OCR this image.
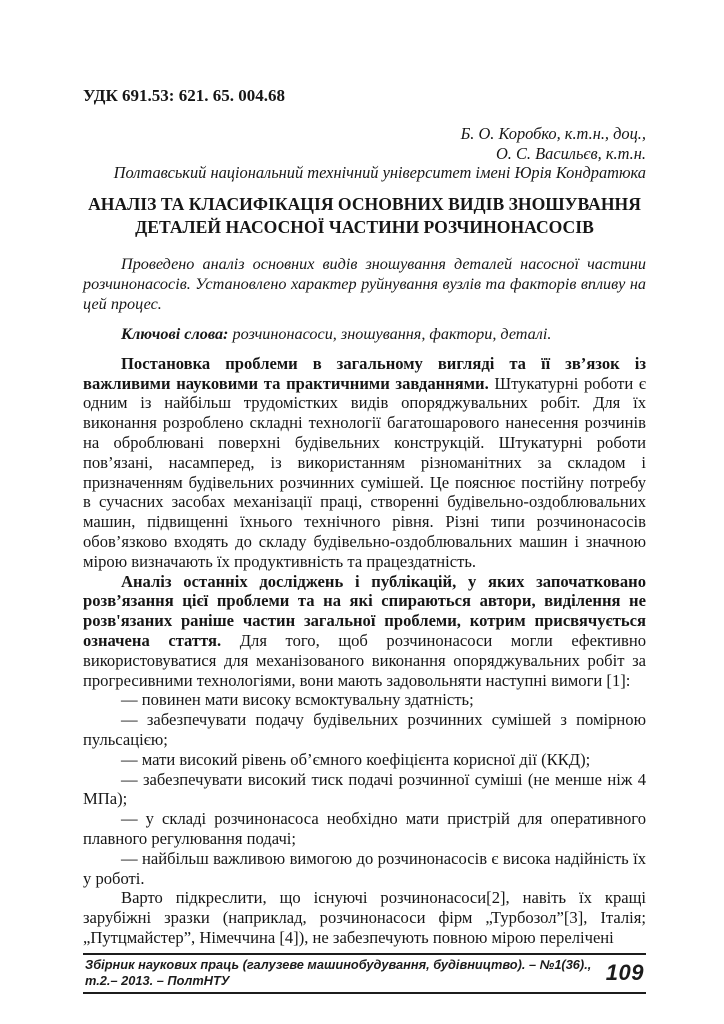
УДК 691.53: 621. 65. 004.68
Б. О. Коробко, к.т.н., доц.,
О. С. Васильєв, к.т.н.
Полтавський національний технічний університет імені Юрія Кондратюка
АНАЛІЗ ТА КЛАСИФІКАЦІЯ ОСНОВНИХ ВИДІВ ЗНОШУВАННЯ
ДЕТАЛЕЙ НАСОСНОЇ ЧАСТИНИ РОЗЧИНОНАСОСІВ

Проведено аналіз основних видів зношування деталей насосної частини розчинонасосів. Установлено характер руйнування вузлів та факторів впливу на цей процес.

Ключові слова: розчинонасоси, зношування, фактори, деталі.

Постановка проблеми в загальному вигляді та її зв’язок із важливими науковими та практичними завданнями. Штукатурні роботи є одним із найбільш трудомістких видів опоряджувальних робіт. Для їх виконання розроблено складні технології багатошарового нанесення розчинів на оброблювані поверхні будівельних конструкцій. Штукатурні роботи пов’язані, насамперед, із використанням різноманітних за складом і призначенням будівельних розчинних сумішей. Це пояснює постійну потребу в сучасних засобах механізації праці, створенні будівельно-оздоблювальних машин, підвищенні їхнього технічного рівня. Різні типи розчинонасосів обов’язково входять до складу будівельно-оздоблювальних машин і значною мірою визначають їх продуктивність та працездатність.

Аналіз останніх досліджень і публікацій, у яких започатковано розв’язання цієї проблеми та на які спираються автори, виділення не розв'язаних раніше частин загальної проблеми, котрим присвячується означена стаття. Для того, щоб розчинонасоси могли ефективно використовуватися для механізованого виконання опоряджувальних робіт за прогресивними технологіями, вони мають задовольняти наступні вимоги [1]:

— повинен мати високу всмоктувальну здатність;

— забезпечувати подачу будівельних розчинних сумішей з помірною пульсацією;

— мати високий рівень об’ємного коефіцієнта корисної дії (ККД);

— забезпечувати високий тиск подачі розчинної суміші (не менше ніж 4 МПа);

— у складі розчинонасоса необхідно мати пристрій для оперативного плавного регулювання подачі;

— найбільш важливою вимогою до розчинонасосів є висока надійність їх у роботі.

Варто підкреслити, що існуючі розчинонасоси[2], навіть їх кращі зарубіжні зразки (наприклад, розчинонасоси фірм „Турбозол”[3], Італія; „Путцмайстер”, Німеччина [4]), не забезпечують повною мірою перелічені

Збірник наукових праць (галузеве машинобудування, будівництво). – №1(36)., т.2.– 2013. – ПолтНТУ	109
